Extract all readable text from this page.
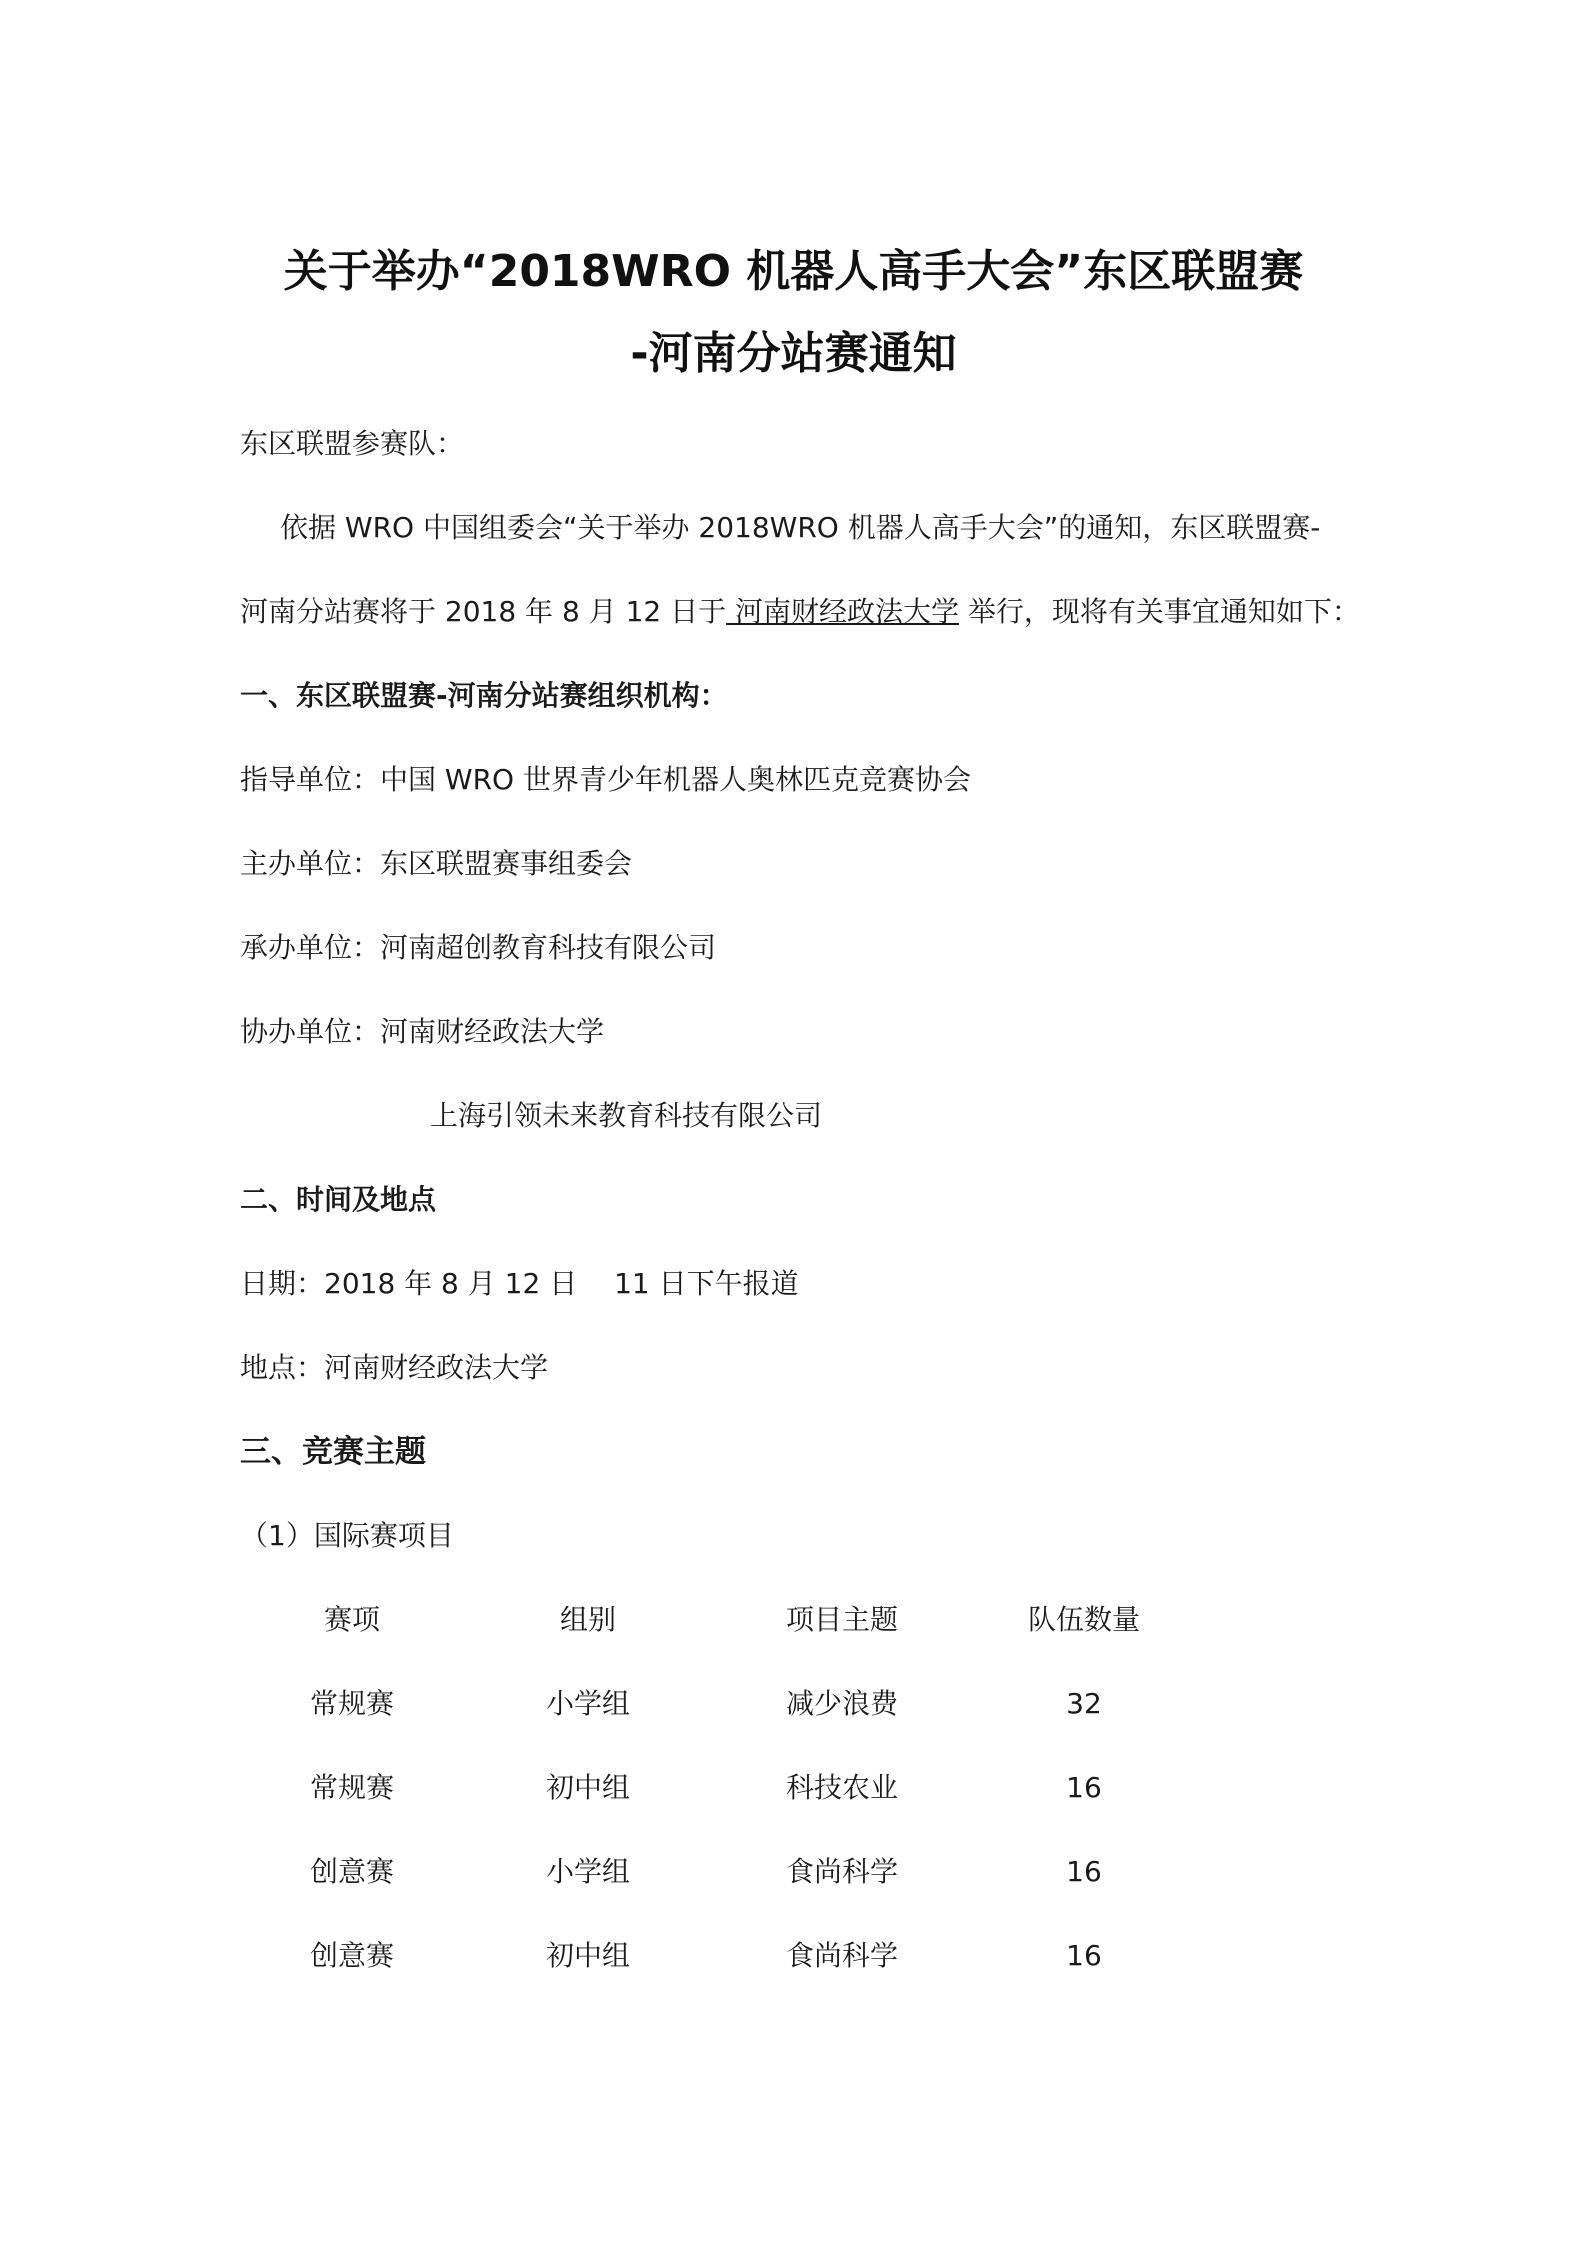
关于举办“2018WRO 机器人高手大会”东区联盟赛
-河南分站赛通知
东区联盟参赛队：
依据 WRO 中国组委会“关于举办 2018WRO 机器人高手大会”的通知，东区联盟赛-
河南分站赛将于 2018 年 8 月 12 日于 河南财经政法大学 举行，现将有关事宜通知如下：
一、东区联盟赛-河南分站赛组织机构：
指导单位：中国 WRO 世界青少年机器人奥林匹克竞赛协会
主办单位：东区联盟赛事组委会
承办单位：河南超创教育科技有限公司
协办单位：河南财经政法大学
上海引领未来教育科技有限公司
二、时间及地点
日期：2018 年 8 月 12 日　 11 日下午报道
地点：河南财经政法大学
三、竞赛主题
（1）国际赛项目
赛项	组别	项目主题	队伍数量
常规赛	小学组	减少浪费	32
常规赛	初中组	科技农业	16
创意赛	小学组	食尚科学	16
创意赛	初中组	食尚科学	16
